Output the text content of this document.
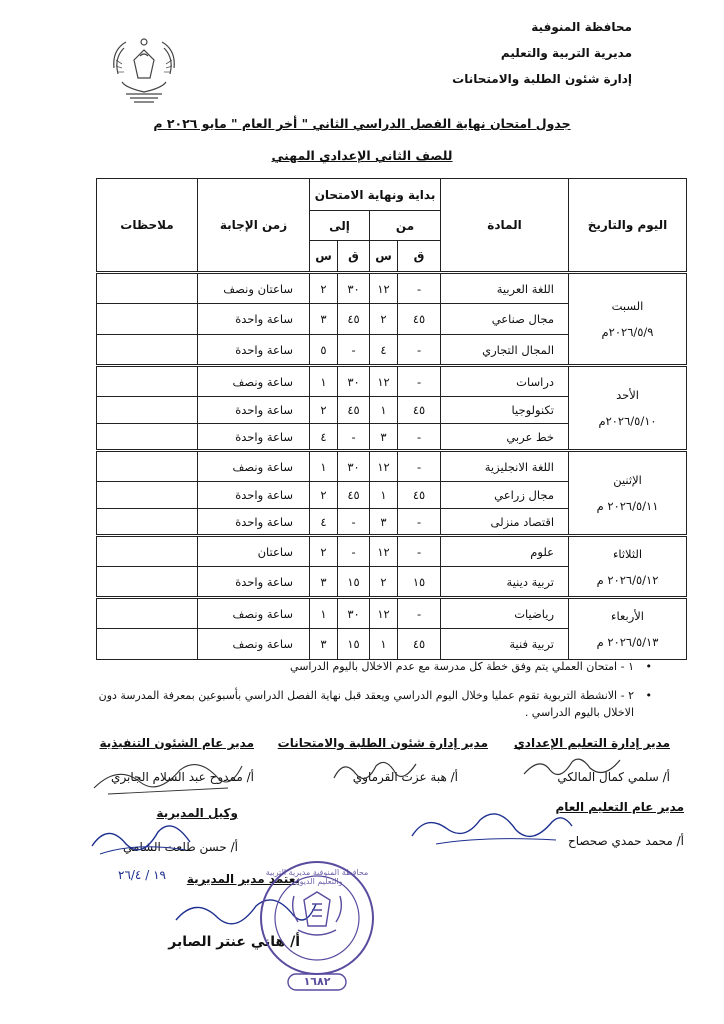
محافظة المنوفية
مديرية التربية والتعليم
إدارة شئون الطلبة والامتحانات
جدول امتحان نهاية الفصل الدراسي الثاني " أخر العام " مايو ٢٠٢٦ م
للصف الثاني الإعدادي المهني
اليوم والتاريخ	المادة	بداية ونهاية الامتحان				زمن الإجابة	ملاحظات
		من		إلى			
		ق	س	ق	س		

السبت
٢٠٢٦/٥/٩م	اللغة العربية	-	١٢	٣٠	٢	ساعتان ونصف	
	مجال صناعي	٤٥	٢	٤٥	٣	ساعة واحدة	
	المجال التجاري	-	٤	-	٥	ساعة واحدة	

الأحد
٢٠٢٦/٥/١٠م	دراسات	-	١٢	٣٠	١	ساعة ونصف	
	تكنولوجيا	٤٥	١	٤٥	٢	ساعة واحدة	
	خط عربي	-	٣	-	٤	ساعة واحدة	

الإثنين
٢٠٢٦/٥/١١ م	اللغة الانجليزية	-	١٢	٣٠	١	ساعة ونصف	
	مجال زراعي	٤٥	١	٤٥	٢	ساعة واحدة	
	اقتصاد منزلى	-	٣	-	٤	ساعة واحدة	

الثلاثاء
٢٠٢٦/٥/١٢ م	علوم	-	١٢	-	٢	ساعتان	
	تربية دينية	١٥	٢	١٥	٣	ساعة واحدة	

الأربعاء
٢٠٢٦/٥/١٣ م	رياضيات	-	١٢	٣٠	١	ساعة ونصف	
	تربية فنية	٤٥	١	١٥	٣	ساعة ونصف	
• ١ - امتحان العملي يتم وفق خطة كل مدرسة مع عدم الاخلال باليوم الدراسي
• ٢ - الانشطة التربوية تقوم عمليا وخلال اليوم الدراسي ويعقد قبل نهاية الفصل الدراسي بأسبوعين بمعرفة المدرسة دون الاخلال باليوم الدراسي .
مدير إدارة التعليم الإعدادي
أ/ سلمي كمال المالكي
مدير إدارة شئون الطلبة والامتحانات
أ/ هبة عزت القرماوي
مدير عام الشئون التنفيذية
أ/ ممدوح عبد السلام الجابري
مدير عام التعليم العام
أ/ محمد حمدي صحصاح
وكيل المديرية
أ/ حسن طلعت الشامي
يعتمد مدير المديرية
أ/ هاني عنتر الصابر
١٩ / ٢٦/٤	محافظة المنوفية مديرية التربية والتعليم الديوان
١٦٨٢
